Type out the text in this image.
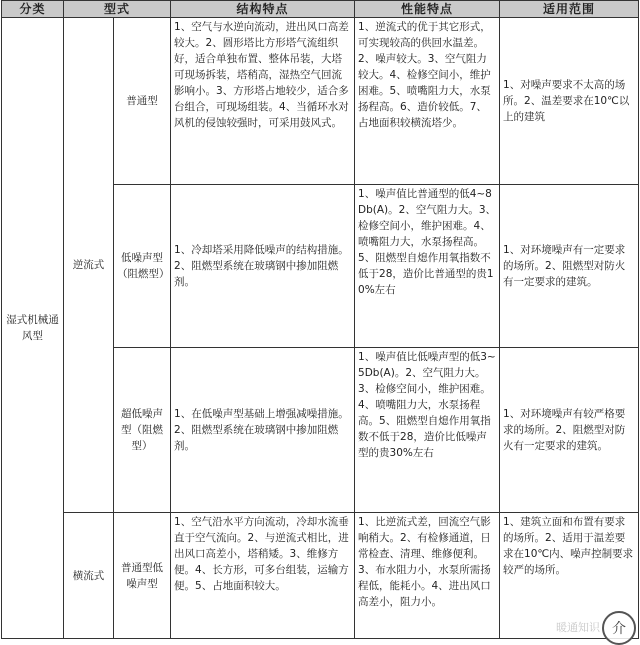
分类	型式		结构特点	性能特点	适用范围
湿式机械通风型	逆流式	普通型	1、空气与水逆向流动，进出风口高差较大。2、圆形塔比方形塔气流组织好，适合单独布置、整体吊装，大塔可现场拆装，塔稍高，湿热空气回流影响小。3、方形塔占地较少，适合多台组合，可现场组装。4、当循环水对风机的侵蚀较强时，可采用鼓风式。	1、逆流式的优于其它形式，可实现较高的供回水温差。2、噪声较大。3、空气阻力较大。4、检修空间小，维护困难。5、喷嘴阻力大，水泵扬程高。6、造价较低。7、占地面积较横流塔少。	1、对噪声要求不太高的场所。2、温差要求在10℃以上的建筑
		低噪声型（阻燃型）	1、冷却塔采用降低噪声的结构措施。2、阻燃型系统在玻璃钢中掺加阻燃剂。	1、噪声值比普通型的低4~8Db(A)。2、空气阻力大。3、检修空间小，维护困难。4、喷嘴阻力大，水泵扬程高。5、阻燃型自熄作用氧指数不低于28，造价比普通型的贵10%左右	1、对环境噪声有一定要求的场所。2、阻燃型对防火有一定要求的建筑。
		超低噪声型（阻燃型）	1、在低噪声型基础上增强减噪措施。2、阻燃型系统在玻璃钢中掺加阻燃剂。	1、噪声值比低噪声型的低3~5Db(A)。2、空气阻力大。3、检修空间小，维护困难。4、喷嘴阻力大，水泵扬程高。5、阻燃型自熄作用氧指数不低于28，造价比低噪声型的贵30%左右	1、对环境噪声有较严格要求的场所。2、阻燃型对防火有一定要求的建筑。
	横流式	普通型低噪声型	1、空气沿水平方向流动，冷却水流垂直于空气流向。2、与逆流式相比，进出风口高差小，塔稍矮。3、维修方便。4、长方形，可多台组装，运输方便。5、占地面积较大。	1、比逆流式差，回流空气影响稍大。2、有检修通道，日常检查、清理、维修便利。3、布水阻力小，水泵所需扬程低，能耗小。4、进出风口高差小，阻力小。	1、建筑立面和布置有要求的场所。2、适用于温差要求在10℃内、噪声控制要求较严的场所。
暖通知识 介
